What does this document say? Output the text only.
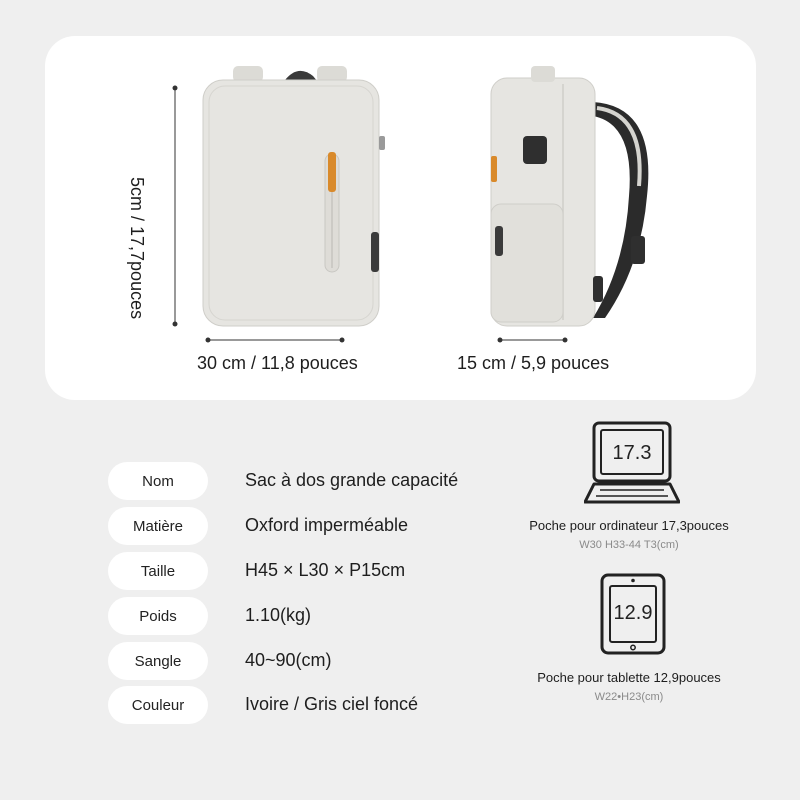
5cm / 17,7pouces
30 cm / 11,8 pouces	15 cm / 5,9 pouces
Nom	Sac à dos grande capacité
Matière	Oxford imperméable
Taille	H45 × L30 × P15cm
Poids	1.10(kg)
Sangle	40~90(cm)
Couleur	Ivoire / Gris ciel foncé
17.3
Poche pour ordinateur 17,3pouces
W30 H33-44 T3(cm)
12.9
Poche pour tablette 12,9pouces
W22•H23(cm)
